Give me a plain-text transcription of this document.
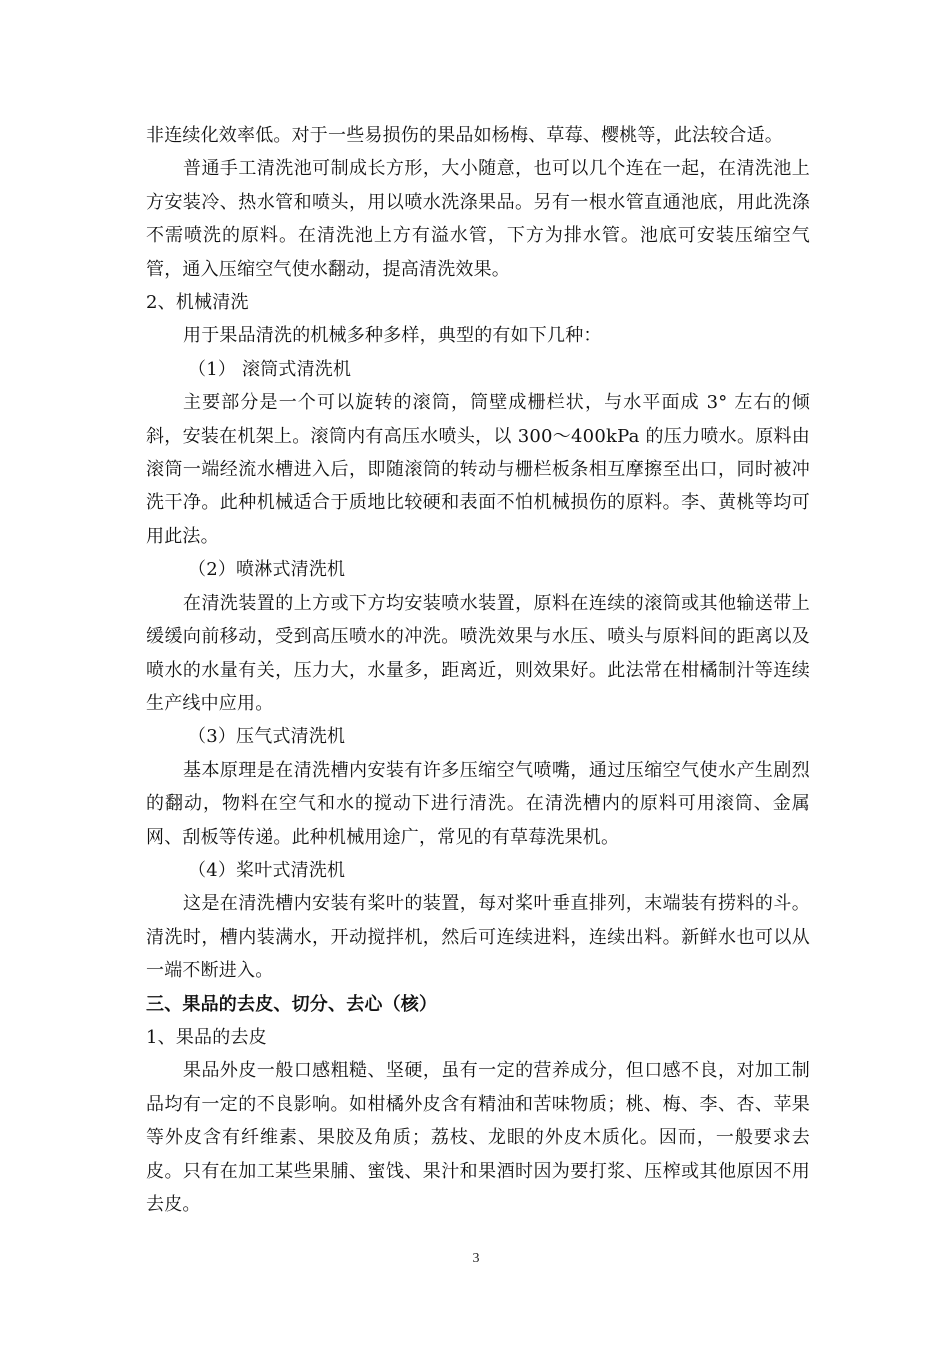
非连续化效率低。对于一些易损伤的果品如杨梅、草莓、樱桃等，此法较合适。

普通手工清洗池可制成长方形，大小随意，也可以几个连在一起，在清洗池上方安装冷、热水管和喷头，用以喷水洗涤果品。另有一根水管直通池底，用此洗涤不需喷洗的原料。在清洗池上方有溢水管，下方为排水管。池底可安装压缩空气管，通入压缩空气使水翻动，提高清洗效果。

2、机械清洗

用于果品清洗的机械多种多样，典型的有如下几种：

（1） 滚筒式清洗机

主要部分是一个可以旋转的滚筒，筒壁成栅栏状，与水平面成 3° 左右的倾斜，安装在机架上。滚筒内有高压水喷头，以 300～400kPa 的压力喷水。原料由滚筒一端经流水槽进入后，即随滚筒的转动与栅栏板条相互摩擦至出口，同时被冲洗干净。此种机械适合于质地比较硬和表面不怕机械损伤的原料。李、黄桃等均可用此法。

（2）喷淋式清洗机

在清洗装置的上方或下方均安装喷水装置，原料在连续的滚筒或其他输送带上缓缓向前移动，受到高压喷水的冲洗。喷洗效果与水压、喷头与原料间的距离以及喷水的水量有关，压力大，水量多，距离近，则效果好。此法常在柑橘制汁等连续生产线中应用。

（3）压气式清洗机

基本原理是在清洗槽内安装有许多压缩空气喷嘴，通过压缩空气使水产生剧烈的翻动，物料在空气和水的搅动下进行清洗。在清洗槽内的原料可用滚筒、金属网、刮板等传递。此种机械用途广，常见的有草莓洗果机。

（4）桨叶式清洗机

这是在清洗槽内安装有桨叶的装置，每对桨叶垂直排列，末端装有捞料的斗。清洗时，槽内装满水，开动搅拌机，然后可连续进料，连续出料。新鲜水也可以从一端不断进入。

三、果品的去皮、切分、去心（核）

1、果品的去皮

果品外皮一般口感粗糙、坚硬，虽有一定的营养成分，但口感不良，对加工制品均有一定的不良影响。如柑橘外皮含有精油和苦味物质；桃、梅、李、杏、苹果等外皮含有纤维素、果胶及角质；荔枝、龙眼的外皮木质化。因而，一般要求去皮。只有在加工某些果脯、蜜饯、果汁和果酒时因为要打浆、压榨或其他原因不用去皮。

3
